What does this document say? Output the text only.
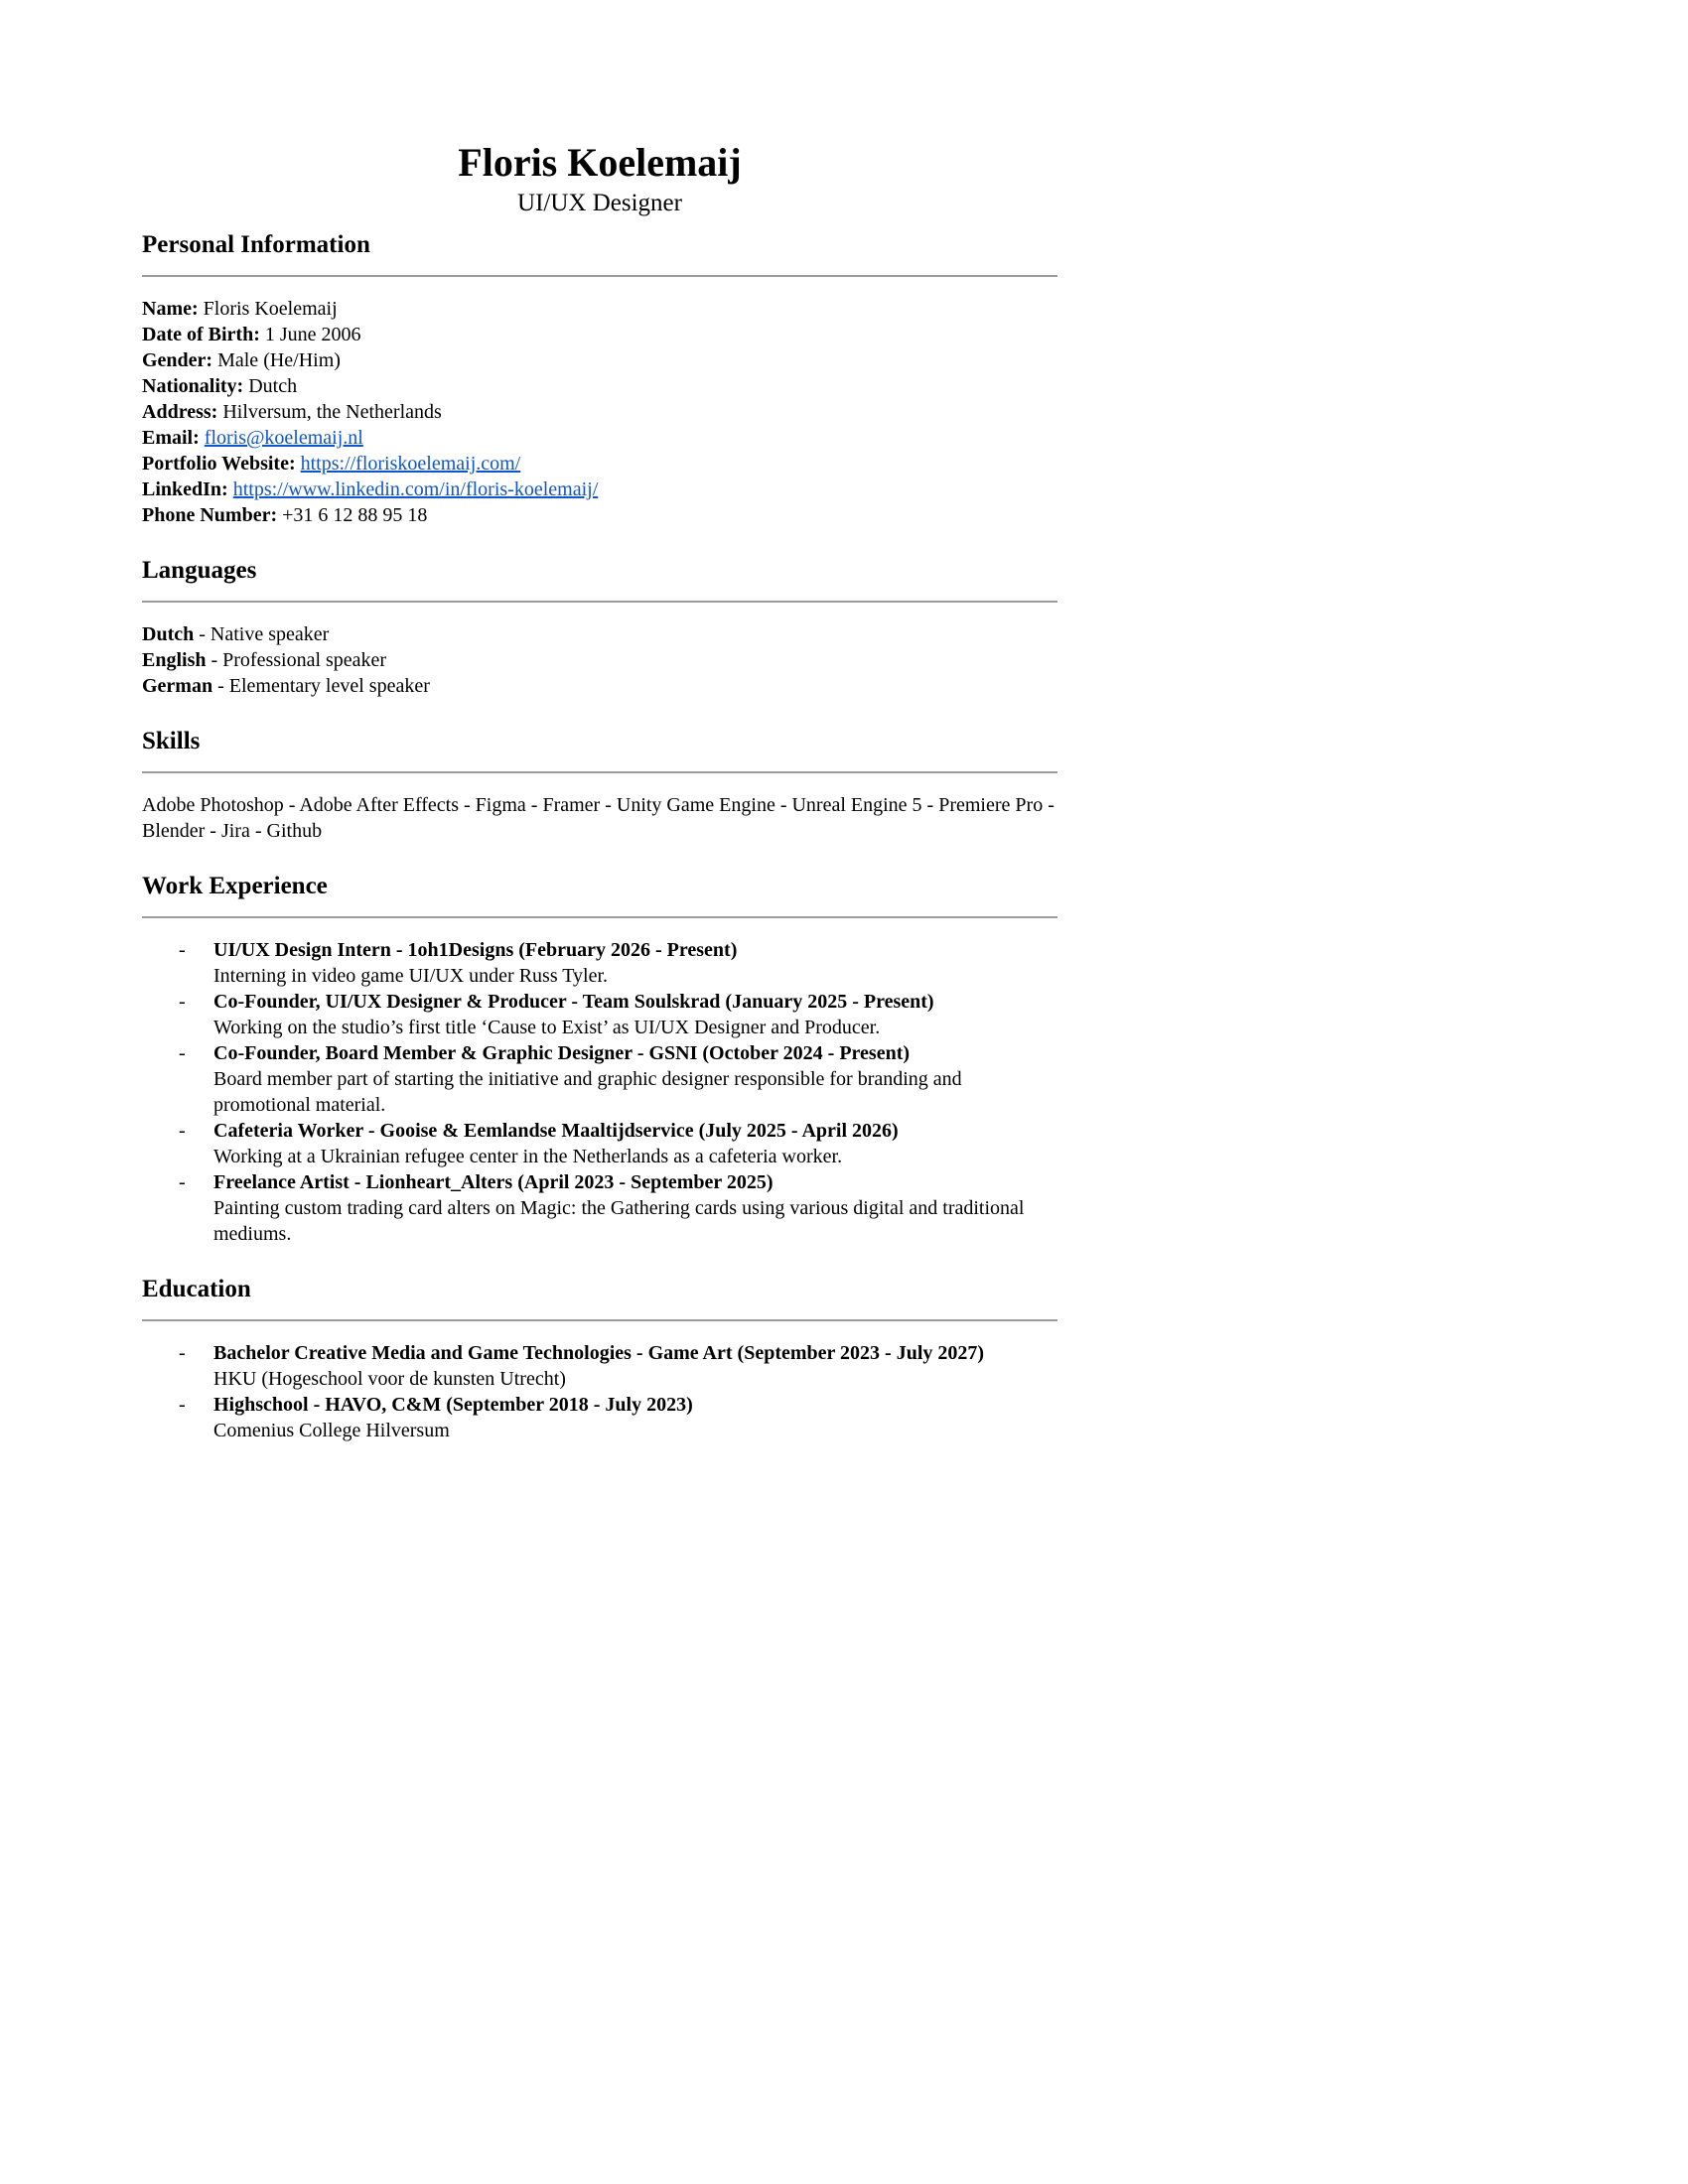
Floris Koelemaij
UI/UX Designer
Personal Information

Name: Floris Koelemaij

Date of Birth: 1 June 2006

Gender: Male (He/Him)

Nationality: Dutch

Address: Hilversum, the Netherlands

Email: floris@koelemaij.nl

Portfolio Website: https://floriskoelemaij.com/

LinkedIn: https://www.linkedin.com/in/floris-koelemaij/

Phone Number: +31 6 12 88 95 18

Languages

Dutch - Native speaker

English - Professional speaker

German - Elementary level speaker

Skills

Adobe Photoshop - Adobe After Effects - Figma - Framer - Unity Game Engine - Unreal Engine 5 - Premiere Pro - Blender - Jira - Github

Work Experience
-	UI/UX Design Intern - 1oh1Designs (February 2026 - Present)

Interning in video game UI/UX under Russ Tyler.

-	Co-Founder, UI/UX Designer & Producer - Team Soulskrad (January 2025 - Present)

Working on the studio’s first title ‘Cause to Exist’ as UI/UX Designer and Producer.

-	Co-Founder, Board Member & Graphic Designer - GSNI (October 2024 - Present)

Board member part of starting the initiative and graphic designer responsible for branding and promotional material.

-	Cafeteria Worker - Gooise & Eemlandse Maaltijdservice (July 2025 - April 2026)

Working at a Ukrainian refugee center in the Netherlands as a cafeteria worker.

-	Freelance Artist - Lionheart_Alters (April 2023 - September 2025)

Painting custom trading card alters on Magic: the Gathering cards using various digital and traditional mediums.

Education
-	Bachelor Creative Media and Game Technologies - Game Art (September 2023 - July 2027)

HKU (Hogeschool voor de kunsten Utrecht)

-	Highschool - HAVO, C&M (September 2018 - July 2023)

Comenius College Hilversum
